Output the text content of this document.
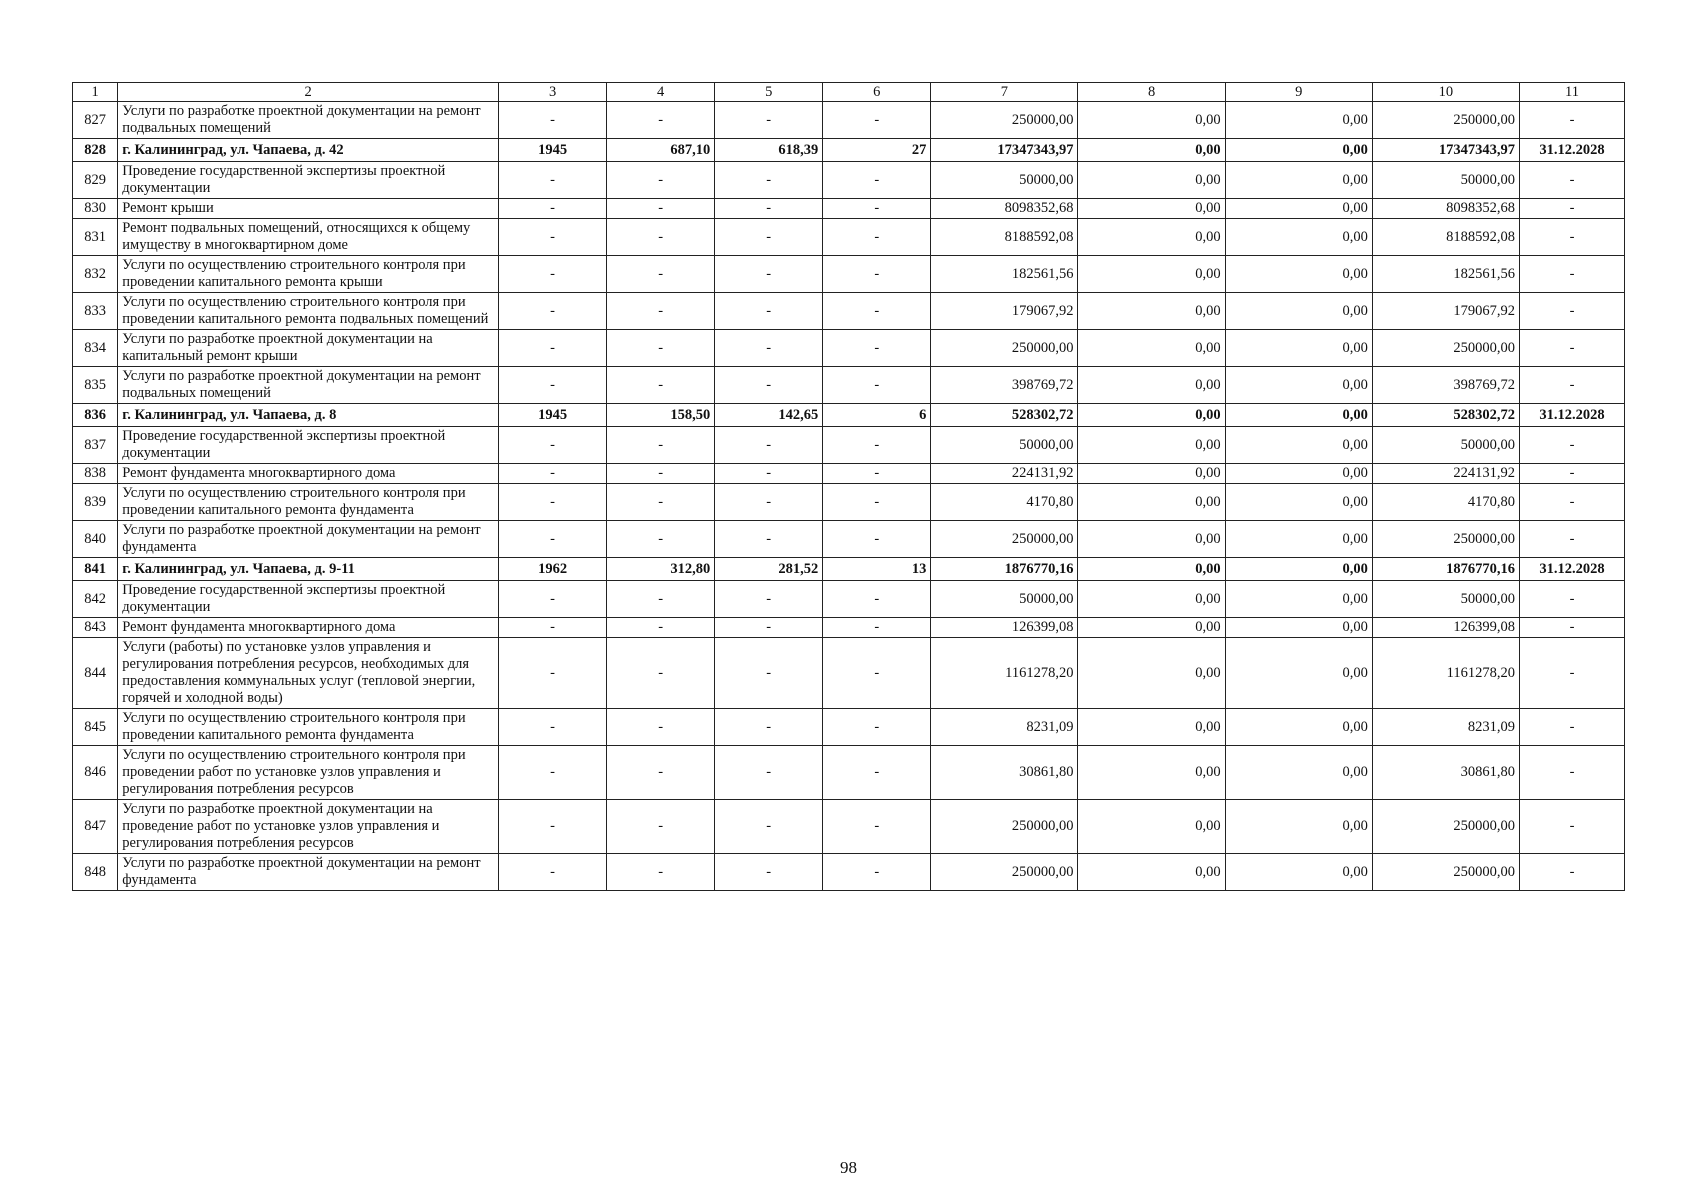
1	2	3	4	5	6	7	8	9	10	11
827	Услуги по разработке проектной документации на ремонт подвальных помещений	-	-	-	-	250000,00	0,00	0,00	250000,00	-
828	г. Калининград, ул. Чапаева, д. 42	1945	687,10	618,39	27	17347343,97	0,00	0,00	17347343,97	31.12.2028
829	Проведение государственной экспертизы проектной документации	-	-	-	-	50000,00	0,00	0,00	50000,00	-
830	Ремонт крыши	-	-	-	-	8098352,68	0,00	0,00	8098352,68	-
831	Ремонт подвальных помещений, относящихся к общему имуществу в многоквартирном доме	-	-	-	-	8188592,08	0,00	0,00	8188592,08	-
832	Услуги по осуществлению строительного контроля при проведении капитального ремонта крыши	-	-	-	-	182561,56	0,00	0,00	182561,56	-
833	Услуги по осуществлению строительного контроля при проведении капитального ремонта подвальных помещений	-	-	-	-	179067,92	0,00	0,00	179067,92	-
834	Услуги по разработке проектной документации на капитальный ремонт крыши	-	-	-	-	250000,00	0,00	0,00	250000,00	-
835	Услуги по разработке проектной документации на ремонт подвальных помещений	-	-	-	-	398769,72	0,00	0,00	398769,72	-
836	г. Калининград, ул. Чапаева, д. 8	1945	158,50	142,65	6	528302,72	0,00	0,00	528302,72	31.12.2028
837	Проведение государственной экспертизы проектной документации	-	-	-	-	50000,00	0,00	0,00	50000,00	-
838	Ремонт фундамента многоквартирного дома	-	-	-	-	224131,92	0,00	0,00	224131,92	-
839	Услуги по осуществлению строительного контроля при проведении капитального ремонта фундамента	-	-	-	-	4170,80	0,00	0,00	4170,80	-
840	Услуги по разработке проектной документации на ремонт фундамента	-	-	-	-	250000,00	0,00	0,00	250000,00	-
841	г. Калининград, ул. Чапаева, д. 9-11	1962	312,80	281,52	13	1876770,16	0,00	0,00	1876770,16	31.12.2028
842	Проведение государственной экспертизы проектной документации	-	-	-	-	50000,00	0,00	0,00	50000,00	-
843	Ремонт фундамента многоквартирного дома	-	-	-	-	126399,08	0,00	0,00	126399,08	-
844	Услуги (работы) по установке узлов управления и регулирования потребления ресурсов, необходимых для предоставления коммунальных услуг (тепловой энергии, горячей и холодной воды)	-	-	-	-	1161278,20	0,00	0,00	1161278,20	-
845	Услуги по осуществлению строительного контроля при проведении капитального ремонта фундамента	-	-	-	-	8231,09	0,00	0,00	8231,09	-
846	Услуги по осуществлению строительного контроля при проведении работ по установке узлов управления и регулирования потребления ресурсов	-	-	-	-	30861,80	0,00	0,00	30861,80	-
847	Услуги по разработке проектной документации на проведение работ по установке узлов управления и регулирования потребления ресурсов	-	-	-	-	250000,00	0,00	0,00	250000,00	-
848	Услуги по разработке проектной документации на ремонт фундамента	-	-	-	-	250000,00	0,00	0,00	250000,00	-
98
